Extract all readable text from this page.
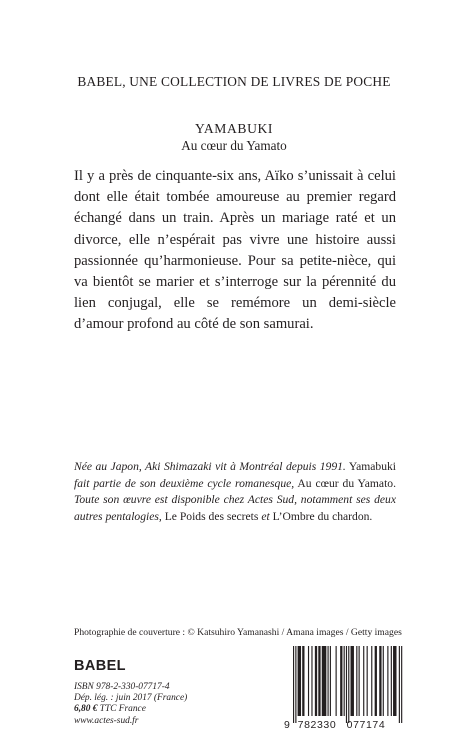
BABEL, UNE COLLECTION DE LIVRES DE POCHE
YAMABUKI
Au cœur du Yamato

Il y a près de cinquante-six ans, Aïko s’unissait à celui dont elle était tombée amoureuse au premier regard échangé dans un train. Après un mariage raté et un divorce, elle n’espérait pas vivre une histoire aussi passionnée qu’harmonieuse. Pour sa petite-nièce, qui va bientôt se marier et s’interroge sur la pérennité du lien conjugal, elle se remémore un demi-siècle d’amour profond au côté de son samurai.

Née au Japon, Aki Shimazaki vit à Montréal depuis 1991. Yamabuki fait partie de son deuxième cycle romanesque, Au cœur du Yamato. Toute son œuvre est disponible chez Actes Sud, notamment ses deux autres pentalogies, Le Poids des secrets et L’Ombre du chardon.

Photographie de couverture : © Katsuhiro Yamanashi / Amana images / Getty images
BABEL
ISBN 978-2-330-07717-4
Dép. lég. : juin 2017 (France)
6,80 € TTC France
www.actes-sud.fr	9 782330 077174
